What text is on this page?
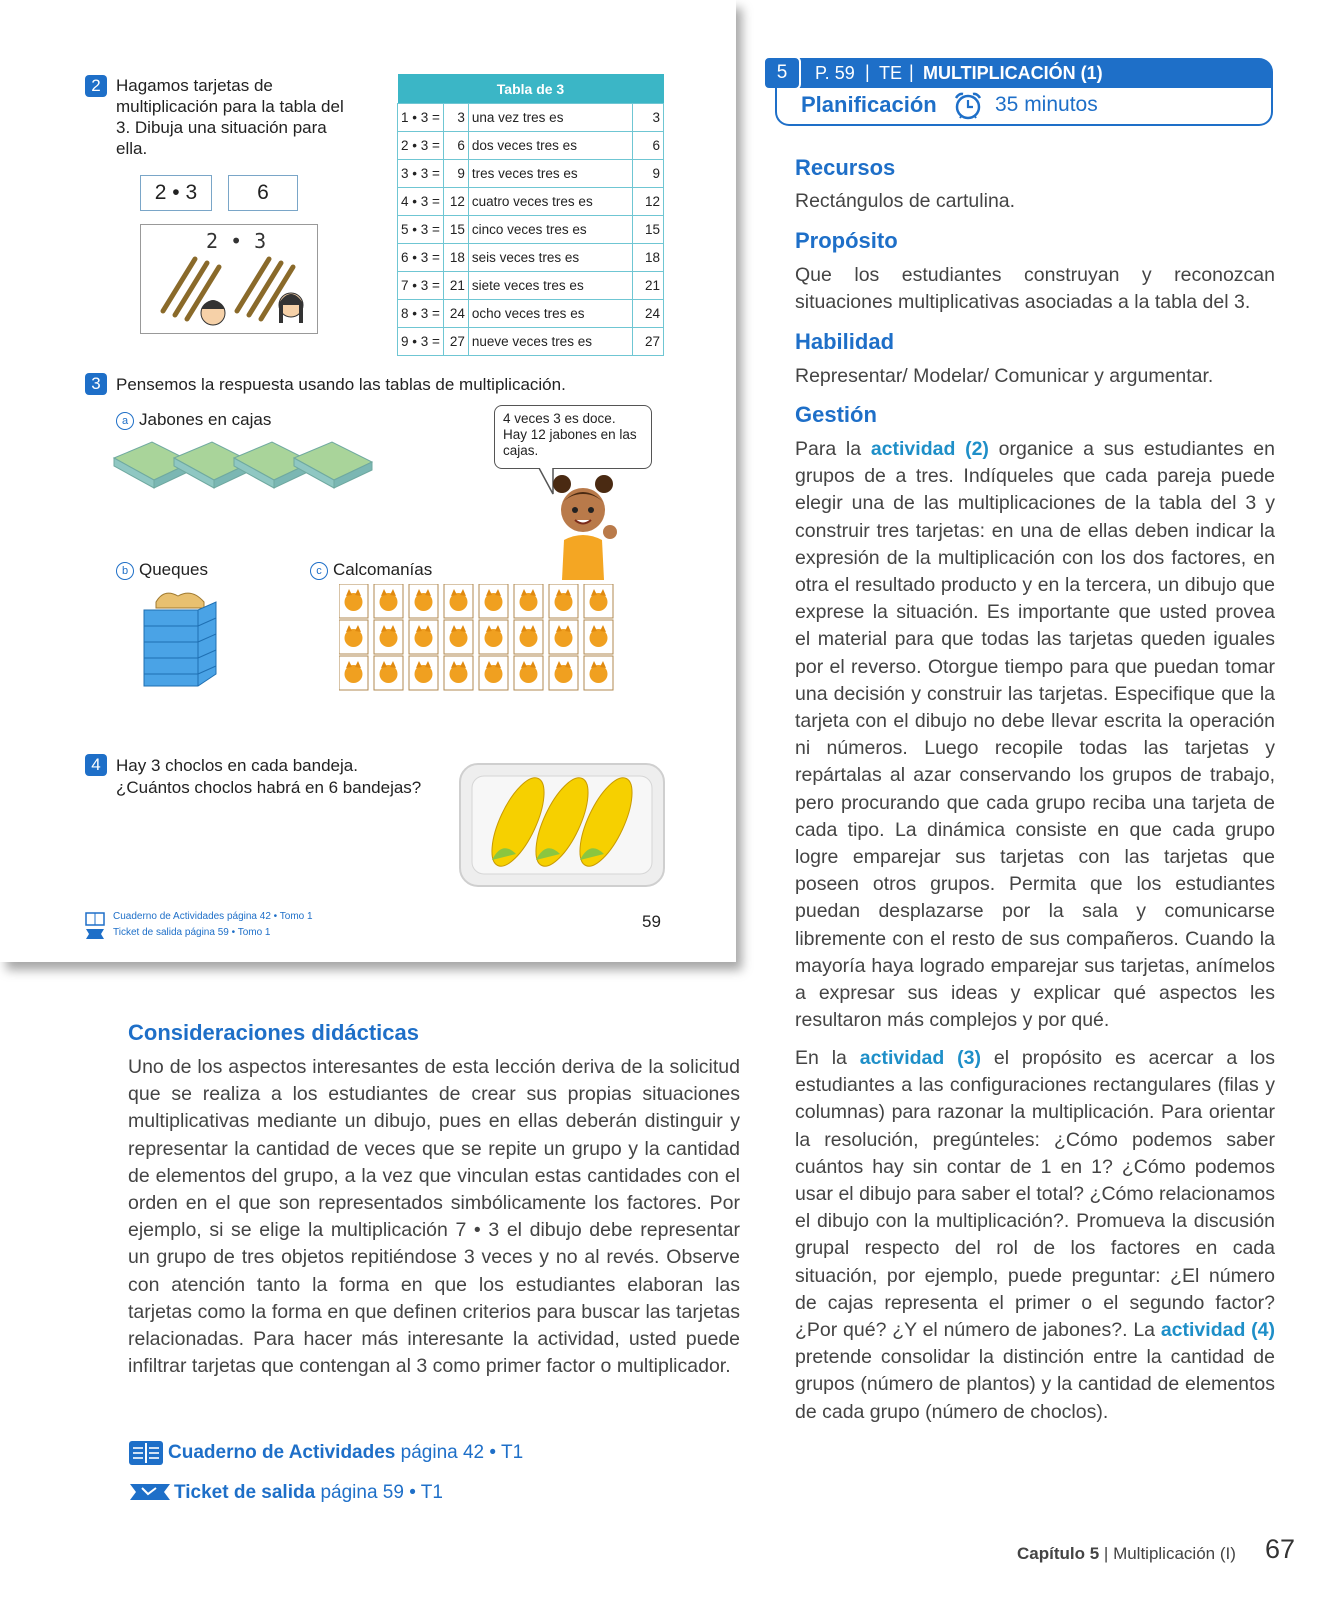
2 Hagamos tarjetas de multiplicación para la tabla del 3. Dibuja una situación para ella.
2 • 3	6
2 • 3
Tabla de 3			
1 • 3 =	3	una vez tres es	3
2 • 3 =	6	dos veces tres es	6
3 • 3 =	9	tres veces tres es	9
4 • 3 =	12	cuatro veces tres es	12
5 • 3 =	15	cinco veces tres es	15
6 • 3 =	18	seis veces tres es	18
7 • 3 =	21	siete veces tres es	21
8 • 3 =	24	ocho veces tres es	24
9 • 3 =	27	nueve veces tres es	27
3 Pensemos la respuesta usando las tablas de multiplicación.
a Jabones en cajas	4 veces 3 es doce. Hay 12 jabones en las cajas.
b Queques	c Calcomanías
4 Hay 3 choclos en cada bandeja.
¿Cuántos choclos habrá en 6 bandejas?
Cuaderno de Actividades página 42 • Tomo 1
Ticket de salida página 59 • Tomo 1
59
5	P. 59 | TE | MULTIPLICACIÓN (1)
Planificación	35 minutos
Recursos
Rectángulos de cartulina.
Propósito
Que los estudiantes construyan y reconozcan situaciones multiplicativas asociadas a la tabla del 3.
Habilidad
Representar/ Modelar/ Comunicar y argumentar.
Gestión
Para la actividad (2) organice a sus estudiantes en grupos de a tres. Indíqueles que cada pareja puede elegir una de las multiplicaciones de la tabla del 3 y construir tres tarjetas: en una de ellas deben indicar la expresión de la multiplicación con los dos factores, en otra el resultado producto y en la tercera, un dibujo que exprese la situación. Es importante que usted provea el material para que todas las tarjetas queden iguales por el reverso. Otorgue tiempo para que puedan tomar una decisión y construir las tarjetas. Especifique que la tarjeta con el dibujo no debe llevar escrita la operación ni números. Luego recopile todas las tarjetas y repártalas al azar conservando los grupos de trabajo, pero procurando que cada grupo reciba una tarjeta de cada tipo. La dinámica consiste en que cada grupo logre emparejar sus tarjetas con las tarjetas que poseen otros grupos. Permita que los estudiantes puedan desplazarse por la sala y comunicarse libremente con el resto de sus compañeros. Cuando la mayoría haya logrado emparejar sus tarjetas, anímelos a expresar sus ideas y explicar qué aspectos les resultaron más complejos y por qué.
En la actividad (3) el propósito es acercar a los estudiantes a las configuraciones rectangulares (filas y columnas) para razonar la multiplicación. Para orientar la resolución, pregúnteles: ¿Cómo podemos saber cuántos hay sin contar de 1 en 1? ¿Cómo podemos usar el dibujo para saber el total? ¿Cómo relacionamos el dibujo con la multiplicación?. Promueva la discusión grupal respecto del rol de los factores en cada situación, por ejemplo, puede preguntar: ¿El número de cajas representa el primer o el segundo factor? ¿Por qué? ¿Y el número de jabones?. La actividad (4) pretende consolidar la distinción entre la cantidad de grupos (número de plantos) y la cantidad de elementos de cada grupo (número de choclos).
Consideraciones didácticas
Uno de los aspectos interesantes de esta lección deriva de la solicitud que se realiza a los estudiantes de crear sus propias situaciones multiplicativas mediante un dibujo, pues en ellas deberán distinguir y representar la cantidad de veces que se repite un grupo y la cantidad de elementos del grupo, a la vez que vinculan estas cantidades con el orden en el que son representados simbólicamente los factores. Por ejemplo, si se elige la multiplicación 7 • 3 el dibujo debe representar un grupo de tres objetos repitiéndose 3 veces y no al revés. Observe con atención tanto la forma en que los estudiantes elaboran las tarjetas como la forma en que definen criterios para buscar las tarjetas relacionadas. Para hacer más interesante la actividad, usted puede infiltrar tarjetas que contengan al 3 como primer factor o multiplicador.
Cuaderno de Actividades página 42 • T1
Ticket de salida página 59 • T1
Capítulo 5 | Multiplicación (I) 67
